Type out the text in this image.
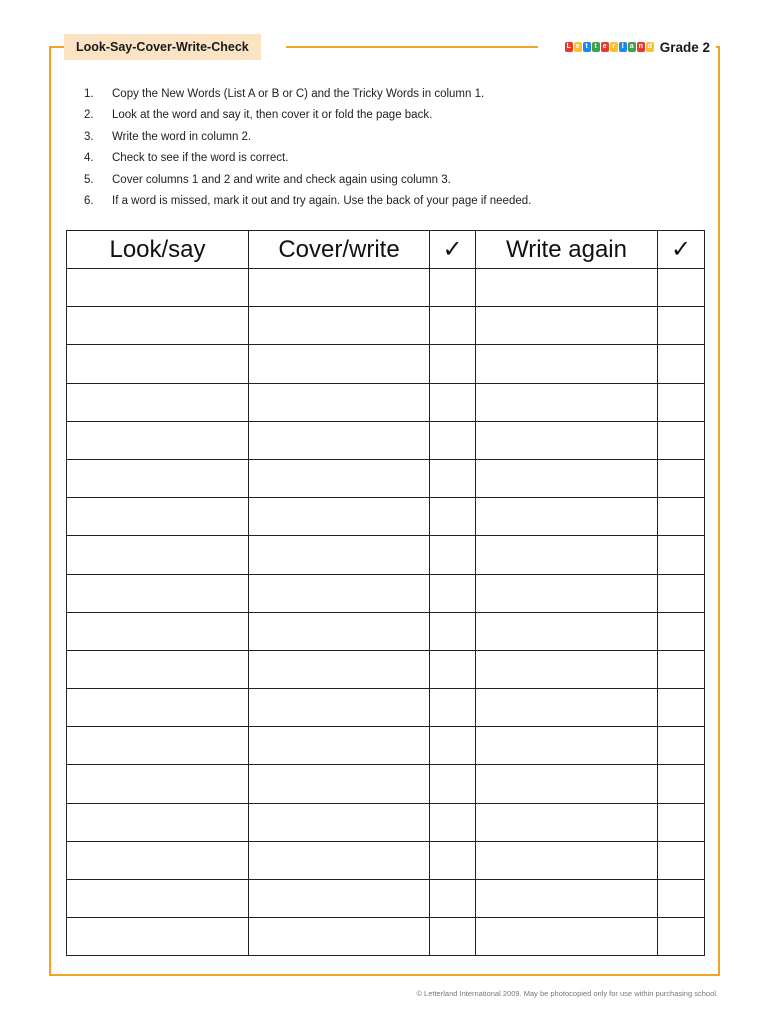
Look-Say-Cover-Write-Check	L e t t e r l a n d Grade 2
1.	Copy the New Words (List A or B or C) and the Tricky Words in column 1.
2.	Look at the word and say it, then cover it or fold the page back.
3.	Write the word in column 2.
4.	Check to see if the word is correct.
5.	Cover columns 1 and 2 and write and check again using column 3.
6.	If a word is missed, mark it out and try again. Use the back of your page if needed.
Look/say	Cover/write	✓	Write again	✓

© Letterland International 2009. May be photocopied only for use within purchasing school.
